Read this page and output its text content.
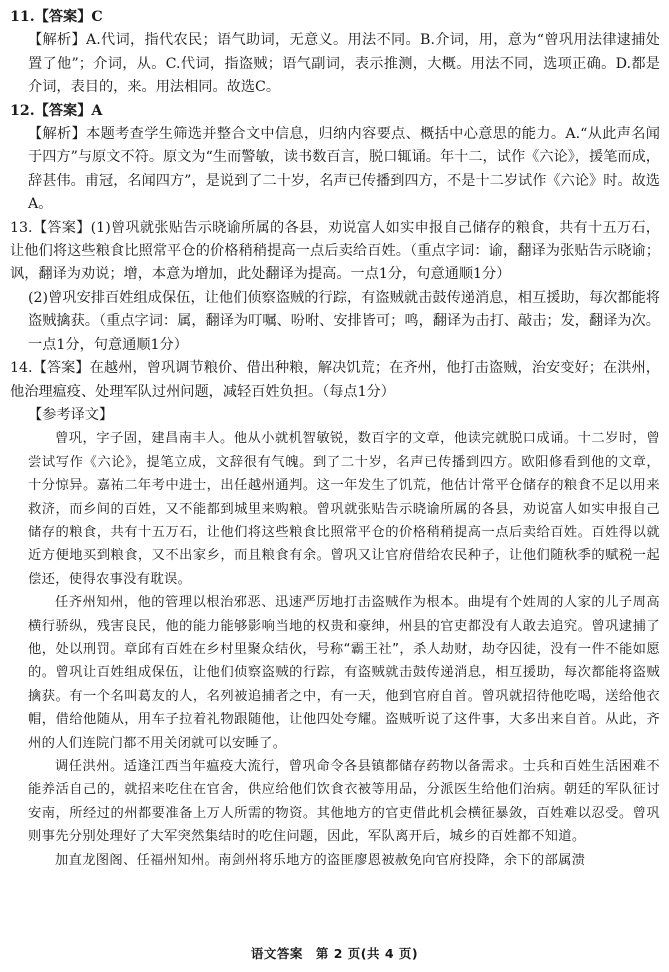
11.【答案】C

【解析】A.代词，指代农民；语气助词，无意义。用法不同。B.介词，用，意为“曾巩用法律逮捕处置了他”；介词，从。C.代词，指盗贼；语气副词，表示推测，大概。用法不同，选项正确。D.都是介词，表目的，来。用法相同。故选C。

12.【答案】A

【解析】本题考查学生筛选并整合文中信息，归纳内容要点、概括中心意思的能力。A.“从此声名闻于四方”与原文不符。原文为“生而警敏，读书数百言，脱口辄诵。年十二，试作《六论》，援笔而成，辞甚伟。甫冠，名闻四方”，是说到了二十岁，名声已传播到四方，不是十二岁试作《六论》时。故选A。

13.【答案】(1)曾巩就张贴告示晓谕所属的各县，劝说富人如实申报自己储存的粮食，共有十五万石，让他们将这些粮食比照常平仓的价格稍稍提高一点后卖给百姓。（重点字词：谕，翻译为张贴告示晓谕；讽，翻译为劝说；增，本意为增加，此处翻译为提高。一点1分，句意通顺1分）

(2)曾巩安排百姓组成保伍，让他们侦察盗贼的行踪，有盗贼就击鼓传递消息，相互援助，每次都能将盗贼擒获。（重点字词：属，翻译为叮嘱、吩咐、安排皆可；鸣，翻译为击打、敲击；发，翻译为次。一点1分，句意通顺1分）

14.【答案】在越州，曾巩调节粮价、借出种粮，解决饥荒；在齐州，他打击盗贼，治安变好；在洪州，他治理瘟疫、处理军队过州问题，减轻百姓负担。（每点1分）

【参考译文】

曾巩，字子固，建昌南丰人。他从小就机智敏锐，数百字的文章，他读完就脱口成诵。十二岁时，曾尝试写作《六论》，提笔立成，文辞很有气魄。到了二十岁，名声已传播到四方。欧阳修看到他的文章，十分惊异。嘉祐二年考中进士，出任越州通判。这一年发生了饥荒，他估计常平仓储存的粮食不足以用来救济，而乡间的百姓，又不能都到城里来购粮。曾巩就张贴告示晓谕所属的各县，劝说富人如实申报自己储存的粮食，共有十五万石，让他们将这些粮食比照常平仓的价格稍稍提高一点后卖给百姓。百姓得以就近方便地买到粮食，又不出家乡，而且粮食有余。曾巩又让官府借给农民种子，让他们随秋季的赋税一起偿还，使得农事没有耽误。

任齐州知州，他的管理以根治邪恶、迅速严厉地打击盗贼作为根本。曲堤有个姓周的人家的儿子周高横行骄纵，残害良民，他的能力能够影响当地的权贵和豪绅，州县的官吏都没有人敢去追究。曾巩逮捕了他，处以刑罚。章邱有百姓在乡村里聚众结伙，号称“霸王社”，杀人劫财，劫夺囚徒，没有一件不能如愿的。曾巩让百姓组成保伍，让他们侦察盗贼的行踪，有盗贼就击鼓传递消息，相互援助，每次都能将盗贼擒获。有一个名叫葛友的人，名列被追捕者之中，有一天，他到官府自首。曾巩就招待他吃喝，送给他衣帽，借给他随从，用车子拉着礼物跟随他，让他四处夸耀。盗贼听说了这件事，大多出来自首。从此，齐州的人们连院门都不用关闭就可以安睡了。

调任洪州。适逢江西当年瘟疫大流行，曾巩命令各县镇都储存药物以备需求。士兵和百姓生活困难不能养活自己的，就招来吃住在官舍，供应给他们饮食衣被等用品，分派医生给他们治病。朝廷的军队征讨安南，所经过的州都要准备上万人所需的物资。其他地方的官吏借此机会横征暴敛，百姓难以忍受。曾巩则事先分别处理好了大军突然集结时的吃住问题，因此，军队离开后，城乡的百姓都不知道。

加直龙图阁、任福州知州。南剑州将乐地方的盗匪廖恩被赦免向官府投降，余下的部属溃

语文答案　第 2 页(共 4 页)
